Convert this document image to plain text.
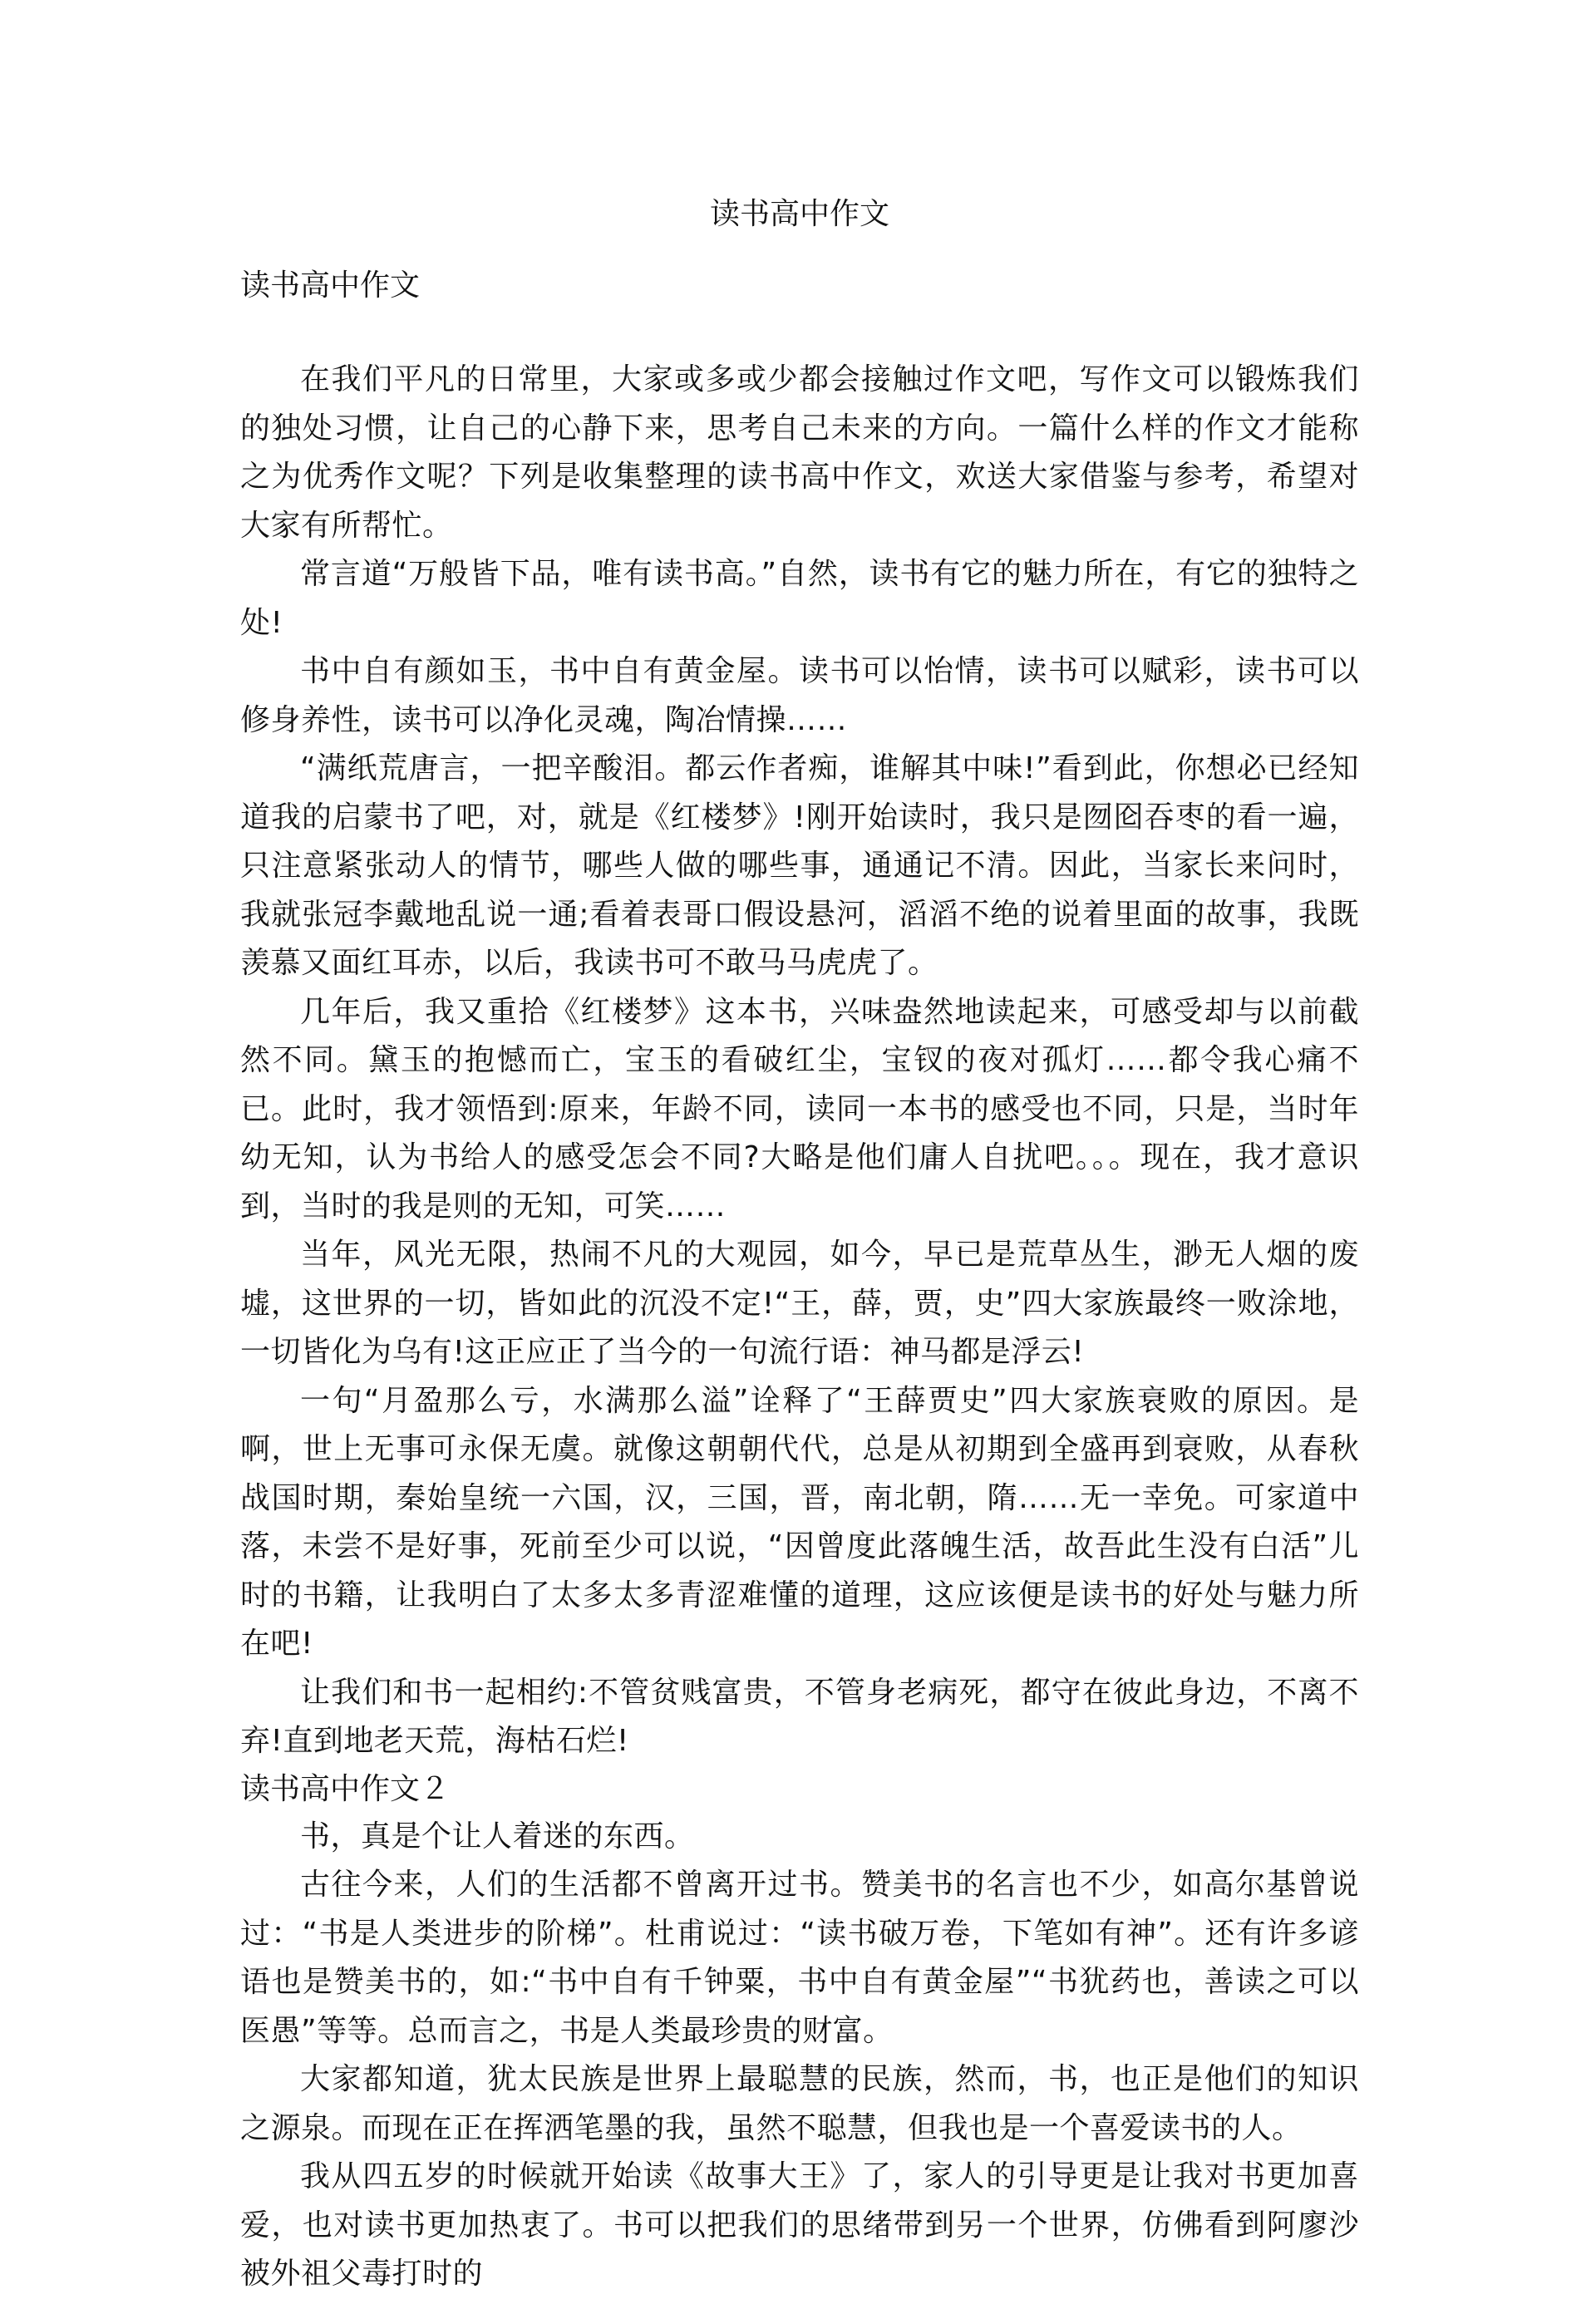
读书高中作文

读书高中作文

在我们平凡的日常里，大家或多或少都会接触过作文吧，写作文可以锻炼我们的独处习惯，让自己的心静下来，思考自己未来的方向。一篇什么样的作文才能称之为优秀作文呢？下列是收集整理的读书高中作文，欢送大家借鉴与参考，希望对大家有所帮忙。

常言道“万般皆下品，唯有读书高。”自然，读书有它的魅力所在，有它的独特之处!

书中自有颜如玉，书中自有黄金屋。读书可以怡情，读书可以赋彩，读书可以修身养性，读书可以净化灵魂，陶冶情操……

“满纸荒唐言，一把辛酸泪。都云作者痴，谁解其中味!”看到此，你想必已经知道我的启蒙书了吧，对，就是《红楼梦》!刚开始读时，我只是囫囵吞枣的看一遍，只注意紧张动人的情节，哪些人做的哪些事，通通记不清。因此，当家长来问时，我就张冠李戴地乱说一通;看着表哥口假设悬河，滔滔不绝的说着里面的故事，我既羡慕又面红耳赤，以后，我读书可不敢马马虎虎了。

几年后，我又重拾《红楼梦》这本书，兴味盎然地读起来，可感受却与以前截然不同。黛玉的抱憾而亡，宝玉的看破红尘，宝钗的夜对孤灯……都令我心痛不已。此时，我才领悟到:原来，年龄不同，读同一本书的感受也不同，只是，当时年幼无知，认为书给人的感受怎会不同?大略是他们庸人自扰吧。。。现在，我才意识到，当时的我是则的无知，可笑……

当年，风光无限，热闹不凡的大观园，如今，早已是荒草丛生，渺无人烟的废墟，这世界的一切，皆如此的沉没不定!“王，薛，贾，史”四大家族最终一败涂地，一切皆化为乌有!这正应正了当今的一句流行语：神马都是浮云!

一句“月盈那么亏，水满那么溢”诠释了“王薛贾史”四大家族衰败的原因。是啊，世上无事可永保无虞。就像这朝朝代代，总是从初期到全盛再到衰败，从春秋战国时期，秦始皇统一六国，汉，三国，晋，南北朝，隋……无一幸免。可家道中落，未尝不是好事，死前至少可以说，“因曾度此落魄生活，故吾此生没有白活”儿时的书籍，让我明白了太多太多青涩难懂的道理，这应该便是读书的好处与魅力所在吧!

让我们和书一起相约:不管贫贱富贵，不管身老病死，都守在彼此身边，不离不弃!直到地老天荒，海枯石烂!

读书高中作文２

书，真是个让人着迷的东西。

古往今来，人们的生活都不曾离开过书。赞美书的名言也不少，如高尔基曾说过：“书是人类进步的阶梯”。杜甫说过：“读书破万卷，下笔如有神”。还有许多谚语也是赞美书的，如:“书中自有千钟粟，书中自有黄金屋”“书犹药也，善读之可以医愚”等等。总而言之，书是人类最珍贵的财富。

大家都知道，犹太民族是世界上最聪慧的民族，然而，书，也正是他们的知识之源泉。而现在正在挥洒笔墨的我，虽然不聪慧，但我也是一个喜爱读书的人。

我从四五岁的时候就开始读《故事大王》了，家人的引导更是让我对书更加喜爱，也对读书更加热衷了。书可以把我们的思绪带到另一个世界，仿佛看到阿廖沙被外祖父毒打时的
